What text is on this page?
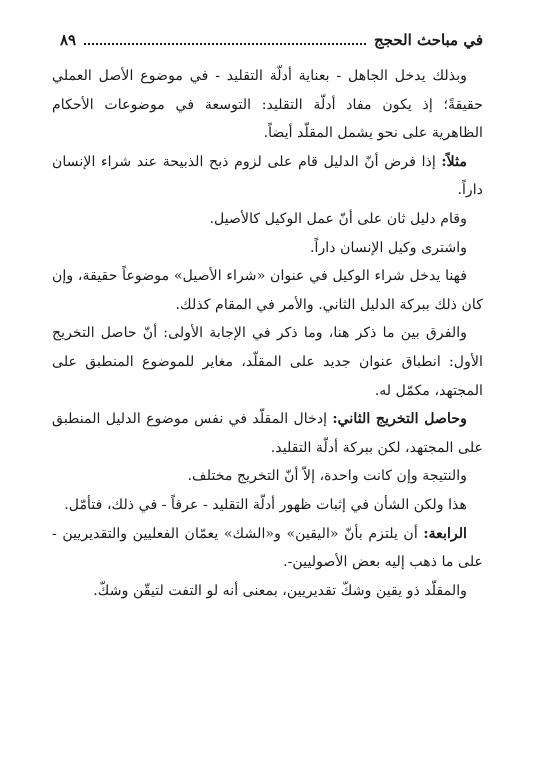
في مباحث الحجج
٨٩

وبذلك يدخل الجاهل - بعناية أدلّة التقليد - في موضوع الأصل العملي حقيقةً؛ إذ يكون مفاد أدلّة التقليد: التوسعة في موضوعات الأحكام الظاهرية على نحو يشمل المقلّد أيضاً.

مثلاً: إذا فرض أنّ الدليل قام على لزوم ذبح الذبيحة عند شراء الإنسان داراً.

وقام دليل ثان على أنّ عمل الوكيل كالأصيل.

واشترى وكيل الإنسان داراً.

فهنا يدخل شراء الوكيل في عنوان «شراء الأصيل» موضوعاً حقيقة، وإن كان ذلك ببركة الدليل الثاني. والأمر في المقام كذلك.

والفرق بين ما ذكر هنا، وما ذكر في الإجابة الأولى: أنّ حاصل التخريج الأول: انطباق عنوان جديد على المقلّد، مغاير للموضوع المنطبق على المجتهد، مكمّل له.

وحاصل التخريج الثاني: إدخال المقلّد في نفس موضوع الدليل المنطبق على المجتهد، لكن ببركة أدلّة التقليد.

والنتيجة وإن كانت واحدة، إلاّ أنّ التخريج مختلف.

هذا ولكن الشأن في إثبات ظهور أدلّة التقليد - عرفاً - في ذلك، فتأمّل.

الرابعة: أن يلتزم بأنّ «اليقين» و«الشك» يعمّان الفعليين والتقديريين - على ما ذهب إليه بعض الأصوليين-.

والمقلّد ذو يقين وشكّ تقديريين، بمعنى أنه لو التفت لتيقّن وشكّ.
